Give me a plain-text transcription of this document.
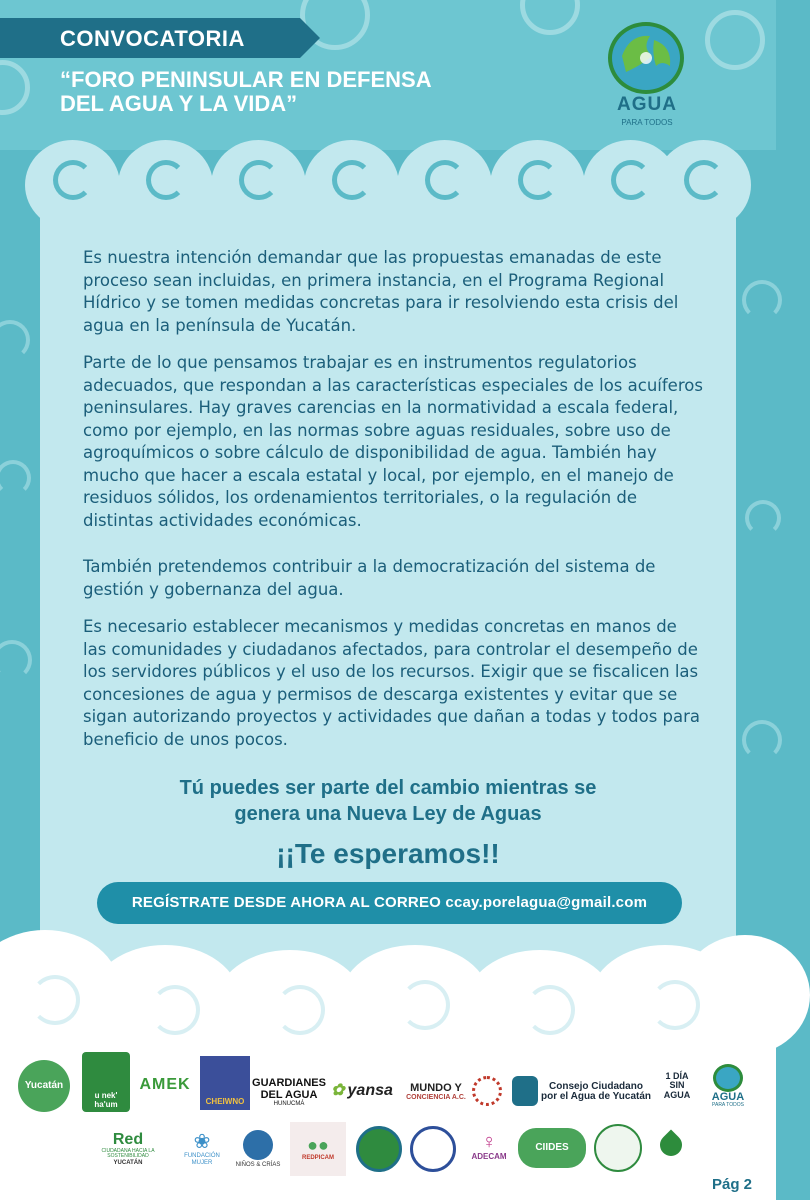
CONVOCATORIA
“FORO PENINSULAR EN DEFENSA
DEL AGUA Y LA VIDA”	AGUA
PARA TODOS
Es nuestra intención demandar que las propuestas emanadas de este proceso sean incluidas, en primera instancia, en el Programa Regional Hídrico y se tomen medidas concretas para ir resolviendo esta crisis del agua en la península de Yucatán.
Parte de lo que pensamos trabajar es en instrumentos regulatorios adecuados, que respondan a las características especiales de los acuíferos peninsulares. Hay graves carencias en la normatividad a escala federal, como por ejemplo, en las normas sobre aguas residuales, sobre uso de agroquímicos o sobre cálculo de disponibilidad de agua. También hay mucho que hacer a escala estatal y local, por ejemplo, en el manejo de residuos sólidos, los ordenamientos territoriales, o la regulación de distintas actividades económicas.
También pretendemos contribuir a la democratización del sistema de gestión y gobernanza del agua.
Es necesario establecer mecanismos y medidas concretas en manos de las comunidades y ciudadanos afectados, para controlar el desempeño de los servidores públicos y el uso de los recursos. Exigir que se fiscalicen las concesiones de agua y permisos de descarga existentes y evitar que se sigan autorizando proyectos y actividades que dañan a todas y todos para beneficio de unos pocos.
Tú puedes ser parte del cambio mientras se
genera una Nueva Ley de Aguas
¡¡Te esperamos!!
REGÍSTRATE DESDE AHORA AL CORREO ccay.porelagua@gmail.com
Yucatán
u nek' ha'um
AMEK
CHEIWNO
GUARDIANES DEL AGUA
HUNUCMÁ
✿ yansa MUNDO Y
CONCIENCIA A.C.
Consejo Ciudadano por el Agua de Yucatán
1 DÍA SIN AGUA	AGUA
PARA TODOS
Red
CIUDADANA HACIA LA SOSTENIBILIDAD
YUCATÁN
❀
FUNDACIÓN MUJER	NIÑOS & CRÍAS
●●
REDPICAM
♀
ADECAM
CIIDES
Pág 2
